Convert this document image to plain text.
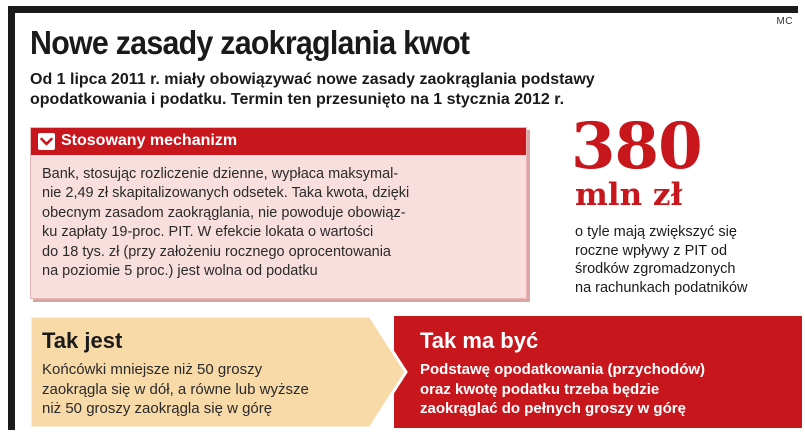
MC
Nowe zasady zaokrąglania kwot
Od 1 lipca 2011 r. miały obowiązywać nowe zasady zaokrąglania podstawy
opodatkowania i podatku. Termin ten przesunięto na 1 stycznia 2012 r.
Stosowany mechanizm
Bank, stosując rozliczenie dzienne, wypłaca maksymal-
nie 2,49 zł skapitalizowanych odsetek. Taka kwota, dzięki
obecnym zasadom zaokrąglania, nie powoduje obowiąz-
ku zapłaty 19-proc. PIT. W efekcie lokata o wartości
do 18 tys. zł (przy założeniu rocznego oprocentowania
na poziomie 5 proc.) jest wolna od podatku
380
mln zł
o tyle mają zwiększyć się
roczne wpływy z PIT od
środków zgromadzonych
na rachunkach podatników
Tak ma być
Podstawę opodatkowania (przychodów)
oraz kwotę podatku trzeba będzie
zaokrąglać do pełnych groszy w górę
Tak jest
Końcówki mniejsze niż 50 groszy
zaokrągla się w dół, a równe lub wyższe
niż 50 groszy zaokrągla się w górę
